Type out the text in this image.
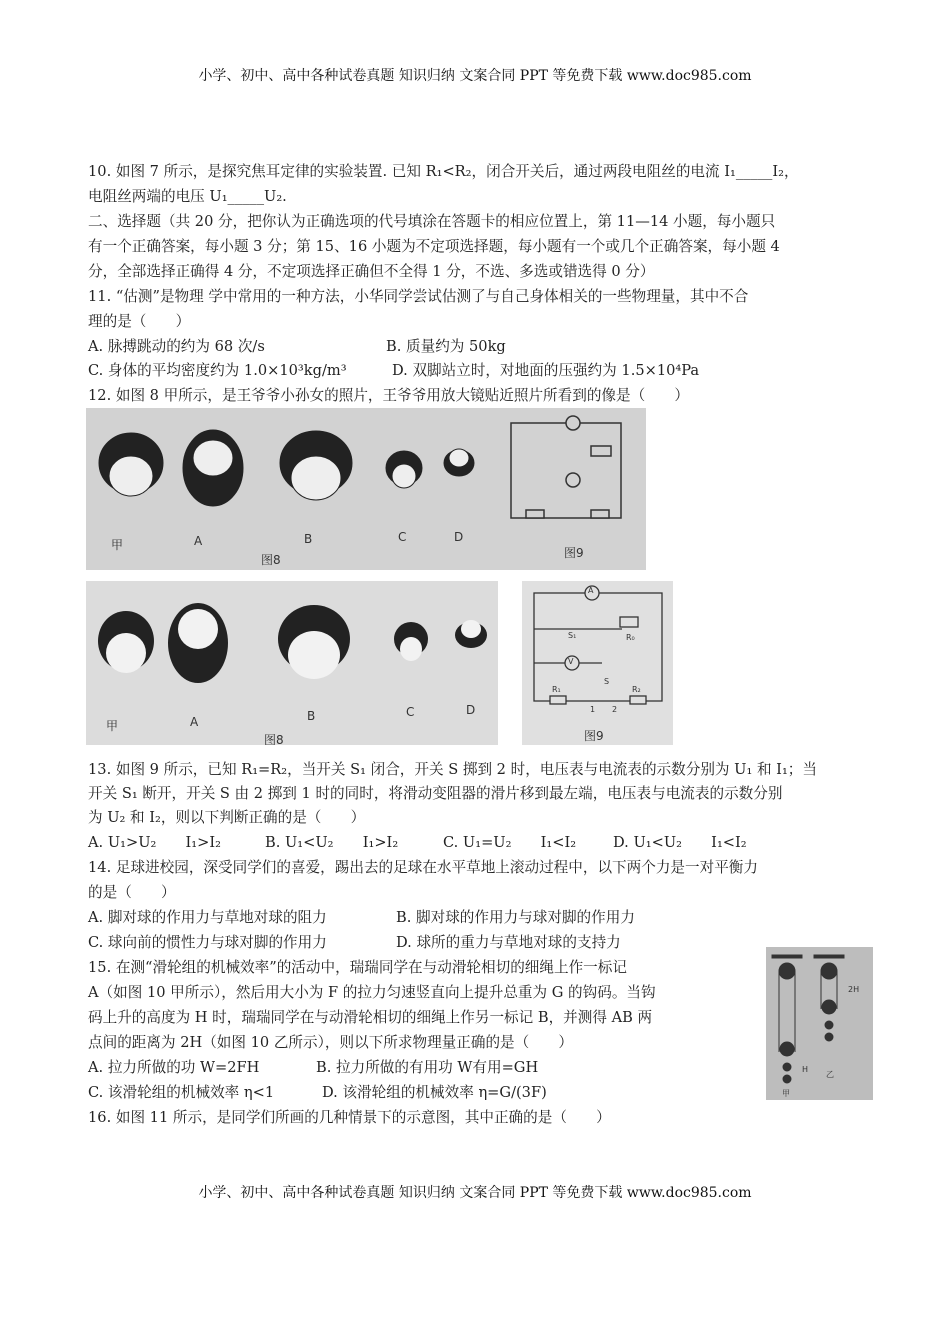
小学、初中、高中各种试卷真题 知识归纳 文案合同 PPT 等免费下载 www.doc985.com
10. 如图 7 所示，是探究焦耳定律的实验装置. 已知 R₁<R₂，闭合开关后，通过两段电阻丝的电流 I₁_____I₂，
电阻丝两端的电压 U₁_____U₂.
二、选择题（共 20 分，把你认为正确选项的代号填涂在答题卡的相应位置上，第 11—14 小题，每小题只
有一个正确答案，每小题 3 分；第 15、16 小题为不定项选择题，每小题有一个或几个正确答案，每小题 4
分，全部选择正确得 4 分，不定项选择正确但不全得 1 分，不选、多选或错选得 0 分）
11. “估测”是物理 学中常用的一种方法，小华同学尝试估测了与自己身体相关的一些物理量，其中不合
理的是（　　）
A. 脉搏跳动的约为 68 次/s	B. 质量约为 50kg
C. 身体的平均密度约为 1.0×10³kg/m³	D. 双脚站立时，对地面的压强约为 1.5×10⁴Pa
12. 如图 8 甲所示，是王爷爷小孙女的照片，王爷爷用放大镜贴近照片所看到的像是（　　）
甲	A	B	C	D
图8	图9
甲	A	B	C	D
图8
A
V
S₁	R₀
R₁	R₂
S
1 2
图9
13. 如图 9 所示，已知 R₁=R₂，当开关 S₁ 闭合，开关 S 掷到 2 时，电压表与电流表的示数分别为 U₁ 和 I₁；当
开关 S₁ 断开，开关 S 由 2 掷到 1 时的同时，将滑动变阻器的滑片移到最左端，电压表与电流表的示数分别
为 U₂ 和 I₂，则以下判断正确的是（　　）
A. U₁>U₂　　I₁>I₂	B. U₁<U₂　　I₁>I₂	C. U₁=U₂　　I₁<I₂	D. U₁<U₂　　I₁<I₂
14. 足球进校园，深受同学们的喜爱，踢出去的足球在水平草地上滚动过程中，以下两个力是一对平衡力
的是（　　）
A. 脚对球的作用力与草地对球的阻力	B. 脚对球的作用力与球对脚的作用力
C. 球向前的惯性力与球对脚的作用力	D. 球所的重力与草地对球的支持力
15. 在测“滑轮组的机械效率”的活动中，瑞瑞同学在与动滑轮相切的细绳上作一标记
A（如图 10 甲所示），然后用大小为 F 的拉力匀速竖直向上提升总重为 G 的钩码。当钩
码上升的高度为 H 时，瑞瑞同学在与动滑轮相切的细绳上作另一标记 B，并测得 AB 两
点间的距离为 2H（如图 10 乙所示），则以下所求物理量正确的是（　　）
A. 拉力所做的功 W=2FH	B. 拉力所做的有用功 W有用=GH
C. 该滑轮组的机械效率 η<1	D. 该滑轮组的机械效率 η=G/(3F)
16. 如图 11 所示，是同学们所画的几种情景下的示意图，其中正确的是（　　）
2H
H
甲
乙
小学、初中、高中各种试卷真题 知识归纳 文案合同 PPT 等免费下载 www.doc985.com
